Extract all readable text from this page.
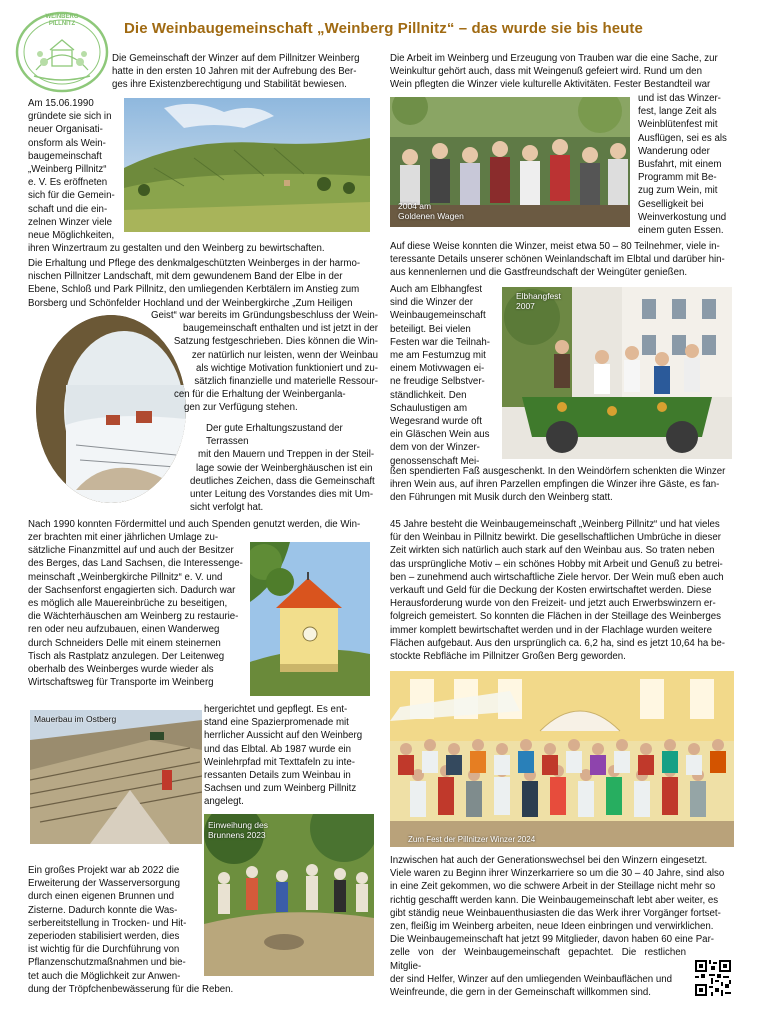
WEINBERG PILLNITZ	Die Weinbaugemeinschaft „Weinberg Pillnitz“ – das wurde sie bis heute
Die Gemeinschaft der Winzer auf dem Pillnitzer Weinberg
hatte in den ersten 10 Jahren mit der Aufrebung des Ber-
ges ihre Existenzberechtigung und Stabilität bewiesen.
Am 15.06.1990
gründete sie sich in
neuer Organisati-
onsform als Wein-
baugemeinschaft
„Weinberg Pillnitz“
e. V. Es eröffneten
sich für die Gemein-
schaft und die ein-
zelnen Winzer viele
neue Möglichkeiten,
ihren Winzertraum zu gestalten und den Weinberg zu bewirtschaften.
Die Erhaltung und Pflege des denkmalgeschützten Weinberges in der harmo-
nischen Pillnitzer Landschaft, mit dem gewundenem Band der Elbe in der
Ebene, Schloß und Park Pillnitz, den umliegenden Kerbtälern im Anstieg zum
Borsberg und Schönfelder Hochland und der Weinbergkirche „Zum Heiligen
Geist“ war bereits im Gründungsbeschluss der Wein-
baugemeinschaft enthalten und ist jetzt in der
Satzung festgeschrieben. Dies können die Win-
zer natürlich nur leisten, wenn der Weinbau
als wichtige Motivation funktioniert und zu-
sätzlich finanzielle und materielle Ressour-
cen für die Erhaltung der Weinberganla-
gen zur Verfügung stehen.
Der gute Erhaltungszustand der Terrassen
mit den Mauern und Treppen in der Steil-
lage sowie der Weinberghäuschen ist ein
deutliches Zeichen, dass die Gemeinschaft
unter Leitung des Vorstandes dies mit Um-
sicht verfolgt hat.
Nach 1990 konnten Fördermittel und auch Spenden genutzt werden, die Win-
zer brachten mit einer jährlichen Umlage zu-
sätzliche Finanzmittel auf und auch der Besitzer
des Berges, das Land Sachsen, die Interessenge-
meinschaft „Weinbergkirche Pillnitz“ e. V. und
der Sachsenforst engagierten sich. Dadurch war
es möglich alle Mauereinbrüche zu beseitigen,
die Wächterhäuschen am Weinberg zu restaurie-
ren oder neu aufzubauen, einen Wanderweg
durch Schneiders Delle mit einem steinernen
Tisch als Rastplatz anzulegen. Der Leitenweg
oberhalb des Weinberges wurde wieder als
Wirtschaftsweg für Transporte im Weinberg
hergerichtet und gepflegt. Es ent-
stand eine Spazierpromenade mit
herrlicher Aussicht auf den Weinberg
und das Elbtal. Ab 1987 wurde ein
Weinlehrpfad mit Texttafeln zu inte-
ressanten Details zum Weinbau in
Sachsen und zum Weinberg Pillnitz
angelegt.
Mauerbau im Ostberg
Einweihung des Brunnens 2023
Ein großes Projekt war ab 2022 die
Erweiterung der Wasserversorgung
durch einen eigenen Brunnen und
Zisterne. Dadurch konnte die Was-
serbereitstellung in Trocken- und Hit-
zeperioden stabilisiert werden, dies
ist wichtig für die Durchführung von
Pflanzenschutzmaßnahmen und bie-
tet auch die Möglichkeit zur Anwen-
dung der Tröpfchenbewässerung für die Reben.
Die Arbeit im Weinberg und Erzeugung von Trauben war die eine Sache, zur
Weinkultur gehört auch, dass mit Weingenuß gefeiert wird. Rund um den
Wein pflegten die Winzer viele kulturelle Aktivitäten. Fester Bestandteil war
2004 am Goldenen Wagen
und ist das Winzer-
fest, lange Zeit als
Weinblütenfest mit
Ausflügen, sei es als
Wanderung oder
Busfahrt, mit einem
Programm mit Be-
zug zum Wein, mit
Geselligkeit bei
Weinverkostung und
einem guten Essen.
Auf diese Weise konnten die Winzer, meist etwa 50 – 80 Teilnehmer, viele in-
teressante Details unserer schönen Weinlandschaft im Elbtal und darüber hin-
aus kennenlernen und die Gastfreundschaft der Weingüter genießen.
Auch am Elbhangfest
sind die Winzer der
Weinbaugemeinschaft
beteiligt. Bei vielen
Festen war die Teilnah-
me am Festumzug mit
einem Motivwagen ei-
ne freudige Selbstver-
ständlichkeit. Den
Schaulustigen am
Wegesrand wurde oft
ein Gläschen Wein aus
dem von der Winzer-
genossenschaft Mei-
Elbhangfest 2007
ßen spendierten Faß ausgeschenkt. In den Weindörfern schenkten die Winzer
ihren Wein aus, auf ihren Parzellen empfingen die Winzer ihre Gäste, es fan-
den Führungen mit Musik durch den Weinberg statt.
45 Jahre besteht die Weinbaugemeinschaft „Weinberg Pillnitz“ und hat vieles
für den Weinbau in Pillnitz bewirkt. Die gesellschaftlichen Umbrüche in dieser
Zeit wirkten sich natürlich auch stark auf den Weinbau aus. So traten neben
das ursprüngliche Motiv – ein schönes Hobby mit Arbeit und Genuß zu betrei-
ben – zunehmend auch wirtschaftliche Ziele hervor. Der Wein muß eben auch
verkauft und Geld für die Deckung der Kosten erwirtschaftet werden. Diese
Herausforderung wurde von den Freizeit- und jetzt auch Erwerbswinzern er-
folgreich gemeistert. So konnten die Flächen in der Steillage des Weinberges
immer komplett bewirtschaftet werden und in der Flachlage wurden weitere
Flächen aufgebaut. Aus den ursprünglich ca. 6,2 ha, sind es jetzt 10,64 ha be-
stockte Rebfläche im Pillnitzer Großen Berg geworden.
Zum Fest der Pillnitzer Winzer 2024
Inzwischen hat auch der Generationswechsel bei den Winzern eingesetzt.
Viele waren zu Beginn ihrer Winzerkarriere so um die 30 – 40 Jahre, sind also
in eine Zeit gekommen, wo die schwere Arbeit in der Steillage nicht mehr so
richtig geschafft werden kann. Die Weinbaugemeinschaft lebt aber weiter, es
gibt ständig neue Weinbauenthusiasten die das Werk ihrer Vorgänger fortset-
zen, fleißig im Weinberg arbeiten, neue Ideen einbringen und verwirklichen.
Die Weinbaugemeinschaft hat jetzt 99 Mitglieder, davon haben 60 eine Par-
zelle von der Weinbaugemeinschaft gepachtet. Die restlichen Mitglie-
der sind Helfer, Winzer auf den umliegenden Weinbauflächen und
Weinfreunde, die gern in der Gemeinschaft willkommen sind.
